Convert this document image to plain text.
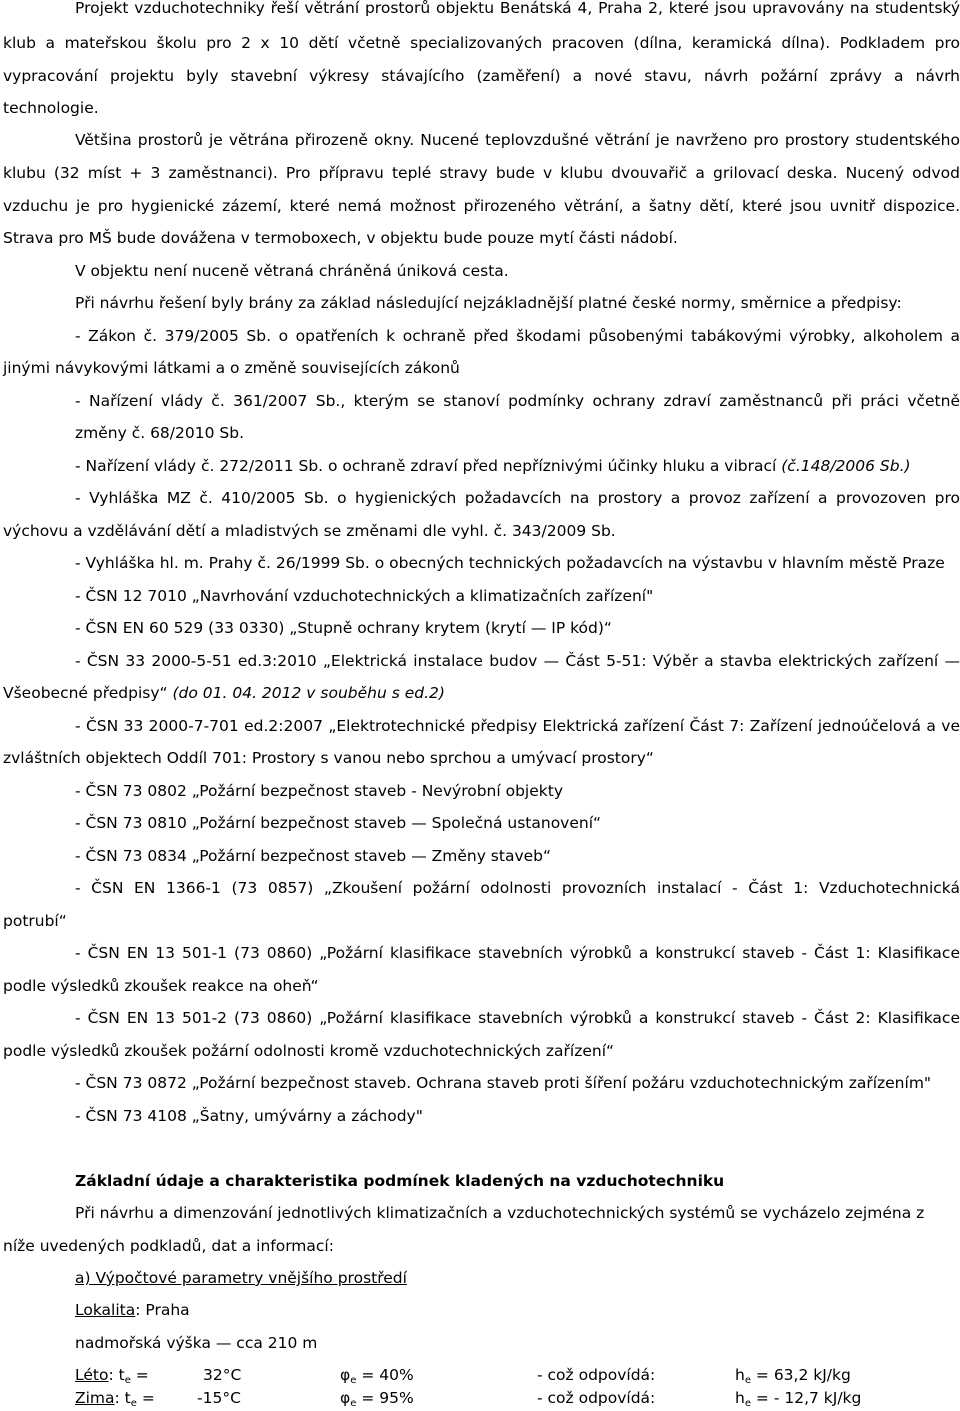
Projekt vzduchotechniky řeší větrání prostorů objektu Benátská 4, Praha 2, které jsou upravovány na studentský
klub a mateřskou školu pro 2 x 10 dětí včetně specializovaných pracoven (dílna, keramická dílna). Podkladem pro
vypracování projektu byly stavební výkresy stávajícího (zaměření) a nové stavu, návrh požární zprávy a návrh
technologie.
Většina prostorů je větrána přirozeně okny. Nucené teplovzdušné větrání je navrženo pro prostory studentského
klubu (32 míst + 3 zaměstnanci). Pro přípravu teplé stravy bude v klubu dvouvařič a grilovací deska. Nucený odvod
vzduchu je pro hygienické zázemí, které nemá možnost přirozeného větrání, a šatny dětí, které jsou uvnitř dispozice.
Strava pro MŠ bude dovážena v termoboxech, v objektu bude pouze mytí části nádobí.
V objektu není nuceně větraná chráněná úniková cesta.
Při návrhu řešení byly brány za základ následující nejzákladnější platné české normy, směrnice a předpisy:
- Zákon č. 379/2005 Sb. o opatřeních k ochraně před škodami působenými tabákovými výrobky, alkoholem a
jinými návykovými látkami a o změně souvisejících zákonů
- Nařízení vlády č. 361/2007 Sb., kterým se stanoví podmínky ochrany zdraví zaměstnanců při práci včetně
změny č. 68/2010 Sb.
- Nařízení vlády č. 272/2011 Sb. o ochraně zdraví před nepříznivými účinky hluku a vibrací (č.148/2006 Sb.)
- Vyhláška MZ č. 410/2005 Sb. o hygienických požadavcích na prostory a provoz zařízení a provozoven pro
výchovu a vzdělávání dětí a mladistvých se změnami dle vyhl. č. 343/2009 Sb.
- Vyhláška hl. m. Prahy č. 26/1999 Sb. o obecných technických požadavcích na výstavbu v hlavním městě Praze
- ČSN 12 7010 „Navrhování vzduchotechnických a klimatizačních zařízení"
- ČSN EN 60 529 (33 0330) „Stupně ochrany krytem (krytí — IP kód)“
- ČSN 33 2000-5-51 ed.3:2010 „Elektrická instalace budov — Část 5-51: Výběr a stavba elektrických zařízení —
Všeobecné předpisy“ (do 01. 04. 2012 v souběhu s ed.2)
- ČSN 33 2000-7-701 ed.2:2007 „Elektrotechnické předpisy Elektrická zařízení Část 7: Zařízení jednoúčelová a ve
zvláštních objektech Oddíl 701: Prostory s vanou nebo sprchou a umývací prostory“
- ČSN 73 0802 „Požární bezpečnost staveb - Nevýrobní objekty
- ČSN 73 0810 „Požární bezpečnost staveb — Společná ustanovení“
- ČSN 73 0834 „Požární bezpečnost staveb — Změny staveb“
- ČSN EN 1366-1 (73 0857) „Zkoušení požární odolnosti provozních instalací - Část 1: Vzduchotechnická
potrubí“
- ČSN EN 13 501-1 (73 0860) „Požární klasifikace stavebních výrobků a konstrukcí staveb - Část 1: Klasifikace
podle výsledků zkoušek reakce na oheň“
- ČSN EN 13 501-2 (73 0860) „Požární klasifikace stavebních výrobků a konstrukcí staveb - Část 2: Klasifikace
podle výsledků zkoušek požární odolnosti kromě vzduchotechnických zařízení“
- ČSN 73 0872 „Požární bezpečnost staveb. Ochrana staveb proti šíření požáru vzduchotechnickým zařízením"
- ČSN 73 4108 „Šatny, umývárny a záchody"
Základní údaje a charakteristika podmínek kladených na vzduchotechniku
Při návrhu a dimenzování jednotlivých klimatizačních a vzduchotechnických systémů se vycházelo zejména z
níže uvedených podkladů, dat a informací:
a) Výpočtové parametry vnějšího prostředí
Lokalita: Praha
nadmořská výška — cca 210 m
Léto: $t_e$ =	32°C	$\varphi_e = 40\%$	- což odpovídá:	$h_e = 63,2$ kJ/kg
Zima: $t_e$ =	-15°C	$\varphi_e = 95\%$	- což odpovídá:	$h_e$ = - 12,7 kJ/kg
